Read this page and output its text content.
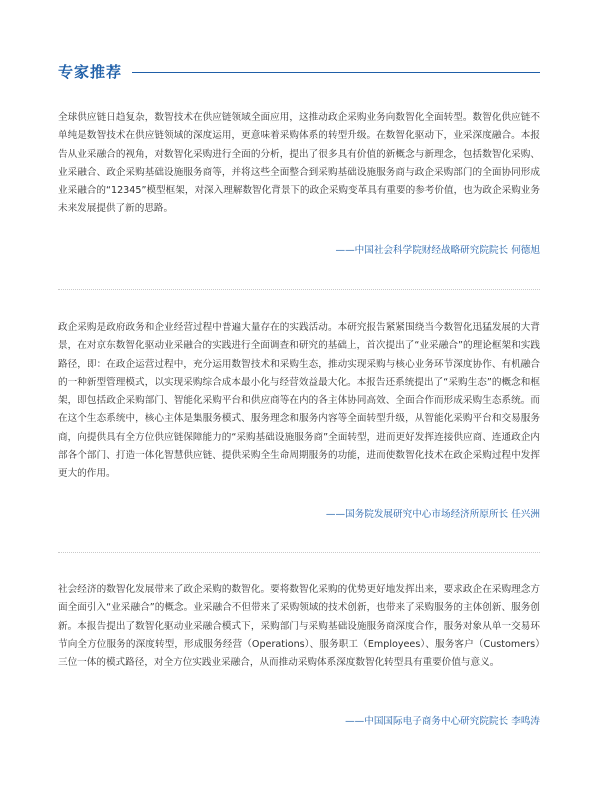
专家推荐

全球供应链日趋复杂，数智技术在供应链领域全面应用，这推动政企采购业务向数智化全面转型。数智化供应链不单纯是数智技术在供应链领域的深度运用，更意味着采购体系的转型升级。在数智化驱动下，业采深度融合。本报告从业采融合的视角，对数智化采购进行全面的分析，提出了很多具有价值的新概念与新理念，包括数智化采购、业采融合、政企采购基础设施服务商等，并将这些全面整合到采购基础设施服务商与政企采购部门的全面协同形成业采融合的“12345”模型框架，对深入理解数智化背景下的政企采购变革具有重要的参考价值，也为政企采购业务未来发展提供了新的思路。

——中国社会科学院财经战略研究院院长 何德旭

政企采购是政府政务和企业经营过程中普遍大量存在的实践活动。本研究报告紧紧围绕当今数智化迅猛发展的大背景，在对京东数智化驱动业采融合的实践进行全面调查和研究的基础上，首次提出了“业采融合”的理论框架和实践路径，即：在政企运营过程中，充分运用数智技术和采购生态，推动实现采购与核心业务环节深度协作、有机融合的一种新型管理模式，以实现采购综合成本最小化与经营效益最大化。本报告还系统提出了“采购生态”的概念和框架，即包括政企采购部门、智能化采购平台和供应商等在内的各主体协同高效、全面合作而形成采购生态系统。而在这个生态系统中，核心主体是集服务模式、服务理念和服务内容等全面转型升级，从智能化采购平台和交易服务商，向提供具有全方位供应链保障能力的“采购基础设施服务商”全面转型，进而更好发挥连接供应商、连通政企内部各个部门、打造一体化智慧供应链、提供采购全生命周期服务的功能，进而使数智化技术在政企采购过程中发挥更大的作用。

——国务院发展研究中心市场经济所原所长 任兴洲

社会经济的数智化发展带来了政企采购的数智化。要将数智化采购的优势更好地发挥出来，要求政企在采购理念方面全面引入“业采融合”的概念。业采融合不但带来了采购领域的技术创新，也带来了采购服务的主体创新、服务创新。本报告提出了数智化驱动业采融合模式下，采购部门与采购基础设施服务商深度合作，服务对象从单一交易环节向全方位服务的深度转型，形成服务经营（Operations）、服务职工（Employees）、服务客户（Customers）三位一体的模式路径，对全方位实践业采融合，从而推动采购体系深度数智化转型具有重要价值与意义。

——中国国际电子商务中心研究院院长 李鸣涛
